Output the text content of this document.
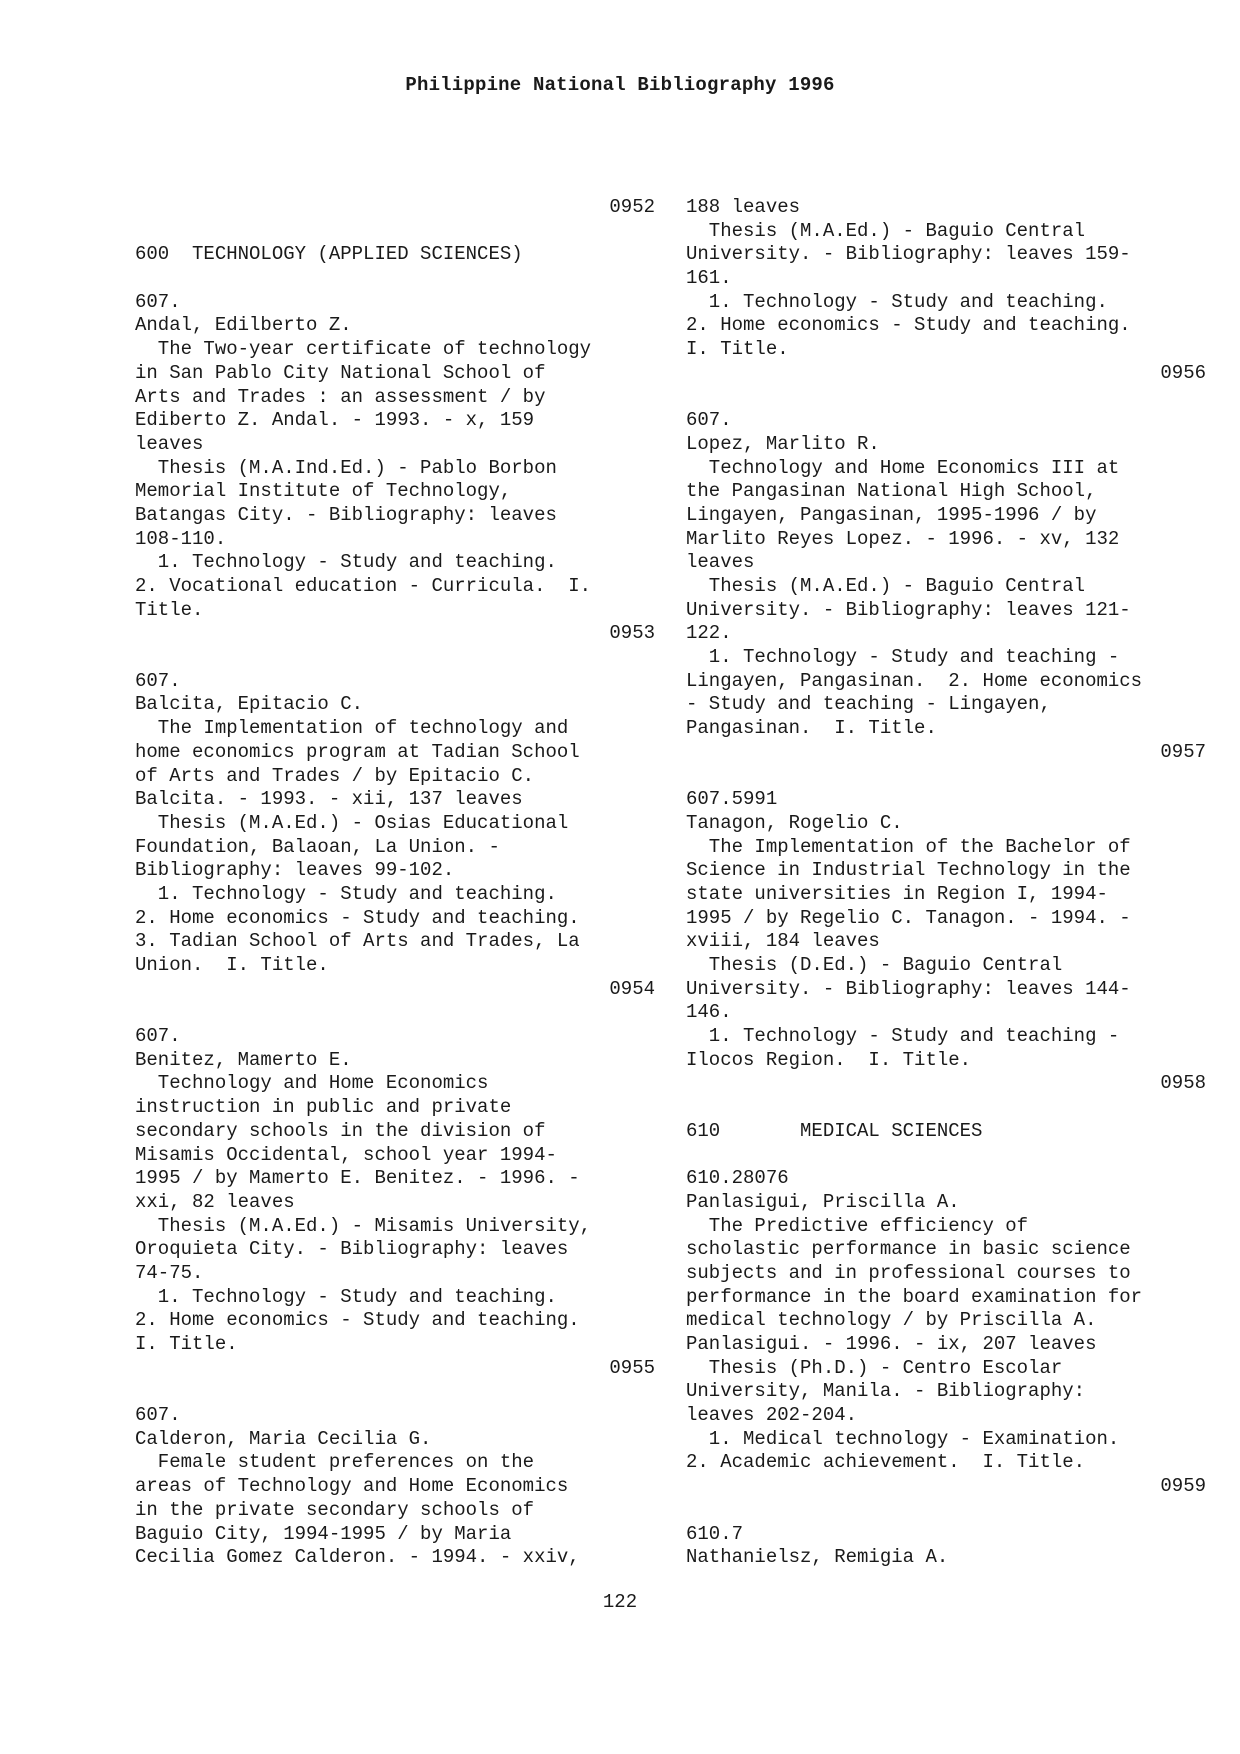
Philippine National Bibliography 1996
0952
600  TECHNOLOGY (APPLIED SCIENCES)
607.
Andal, Edilberto Z.
The Two-year certificate of technology
in San Pablo City National School of
Arts and Trades : an assessment / by
Ediberto Z. Andal. - 1993. - x, 159
leaves
Thesis (M.A.Ind.Ed.) - Pablo Borbon
Memorial Institute of Technology,
Batangas City. - Bibliography: leaves
108-110.
1. Technology - Study and teaching.
2. Vocational education - Curricula.  I.
Title.
0953
607.
Balcita, Epitacio C.
The Implementation of technology and
home economics program at Tadian School
of Arts and Trades / by Epitacio C.
Balcita. - 1993. - xii, 137 leaves
Thesis (M.A.Ed.) - Osias Educational
Foundation, Balaoan, La Union. -
Bibliography: leaves 99-102.
1. Technology - Study and teaching.
2. Home economics - Study and teaching.
3. Tadian School of Arts and Trades, La
Union.  I. Title.
0954
607.
Benitez, Mamerto E.
Technology and Home Economics
instruction in public and private
secondary schools in the division of
Misamis Occidental, school year 1994-
1995 / by Mamerto E. Benitez. - 1996. -
xxi, 82 leaves
Thesis (M.A.Ed.) - Misamis University,
Oroquieta City. - Bibliography: leaves
74-75.
1. Technology - Study and teaching.
2. Home economics - Study and teaching.
I. Title.
0955
607.
Calderon, Maria Cecilia G.
Female student preferences on the
areas of Technology and Home Economics
in the private secondary schools of
Baguio City, 1994-1995 / by Maria
Cecilia Gomez Calderon. - 1994. - xxiv,
188 leaves
Thesis (M.A.Ed.) - Baguio Central
University. - Bibliography: leaves 159-
161.
1. Technology - Study and teaching.
2. Home economics - Study and teaching.
I. Title.
0956
607.
Lopez, Marlito R.
Technology and Home Economics III at
the Pangasinan National High School,
Lingayen, Pangasinan, 1995-1996 / by
Marlito Reyes Lopez. - 1996. - xv, 132
leaves
Thesis (M.A.Ed.) - Baguio Central
University. - Bibliography: leaves 121-
122.
1. Technology - Study and teaching -
Lingayen, Pangasinan.  2. Home economics
- Study and teaching - Lingayen,
Pangasinan.  I. Title.
0957
607.5991
Tanagon, Rogelio C.
The Implementation of the Bachelor of
Science in Industrial Technology in the
state universities in Region I, 1994-
1995 / by Regelio C. Tanagon. - 1994. -
xviii, 184 leaves
Thesis (D.Ed.) - Baguio Central
University. - Bibliography: leaves 144-
146.
1. Technology - Study and teaching -
Ilocos Region.  I. Title.
0958
610       MEDICAL SCIENCES
610.28076
Panlasigui, Priscilla A.
The Predictive efficiency of
scholastic performance in basic science
subjects and in professional courses to
performance in the board examination for
medical technology / by Priscilla A.
Panlasigui. - 1996. - ix, 207 leaves
Thesis (Ph.D.) - Centro Escolar
University, Manila. - Bibliography:
leaves 202-204.
1. Medical technology - Examination.
2. Academic achievement.  I. Title.
0959
610.7
Nathanielsz, Remigia A.
122
